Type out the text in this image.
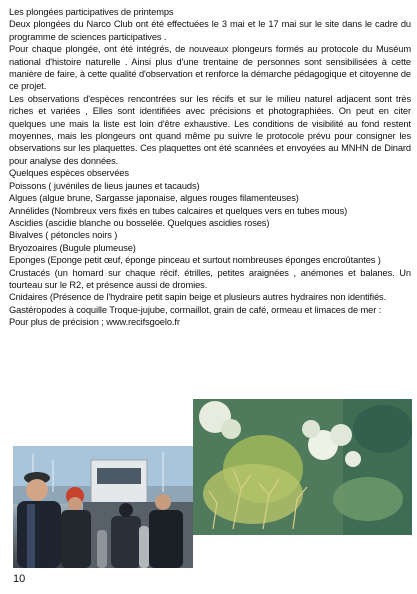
Les plongées participatives de printemps

Deux plongées du Narco Club ont été effectuées le 3 mai et le 17 mai sur le site dans le cadre du programme de sciences participatives .

Pour chaque plongée, ont été intégrés, de nouveaux plongeurs formés au protocole du Muséum national d'histoire naturelle . Ainsi plus d'une trentaine de personnes sont sensibilisées à cette manière de faire, à cette qualité d'observation et renforce la démarche pédagogique et citoyenne de ce projet.

Les observations d'espèces rencontrées sur les récifs et sur le milieu naturel adjacent sont très riches et variées , Elles sont identifiées avec précisions et photographiées. On peut en citer quelques une mais la liste est loin d'être exhaustive. Les conditions de visibilité au fond restent moyennes, mais les plongeurs ont quand même pu suivre le protocole prévu pour consigner les observations sur les plaquettes. Ces plaquettes ont été scannées et envoyées au MNHN de Dinard pour analyse des données.

Quelques espèces observées

Poissons ( juvéniles de lieus jaunes et tacauds)

Algues (algue brune, Sargasse japonaise, algues rouges filamenteuses)

Annélides (Nombreux vers fixés en tubes calcaires et quelques vers en tubes mous)

Ascidies (ascidie blanche ou bosselée. Quelques ascidies roses)

Bivalves ( pétoncles noirs )

Bryozoaires (Bugule plumeuse)

Eponges (Eponge petit œuf, éponge pinceau et surtout nombreuses éponges encroûtantes )

Crustacés (un homard sur chaque récif. étrilles, petites araignées , anémones et balanes. Un tourteau sur le R2, et présence aussi de dromies.

Cnidaires (Présence de l'hydraire petit sapin beige et plusieurs autres hydraires non identifiés.

Gastéropodes à coquille Troque-jujube, cormaillot, grain de café, ormeau et limaces de mer :

Pour plus de précision ; www.recifsgoelo.fr

10
